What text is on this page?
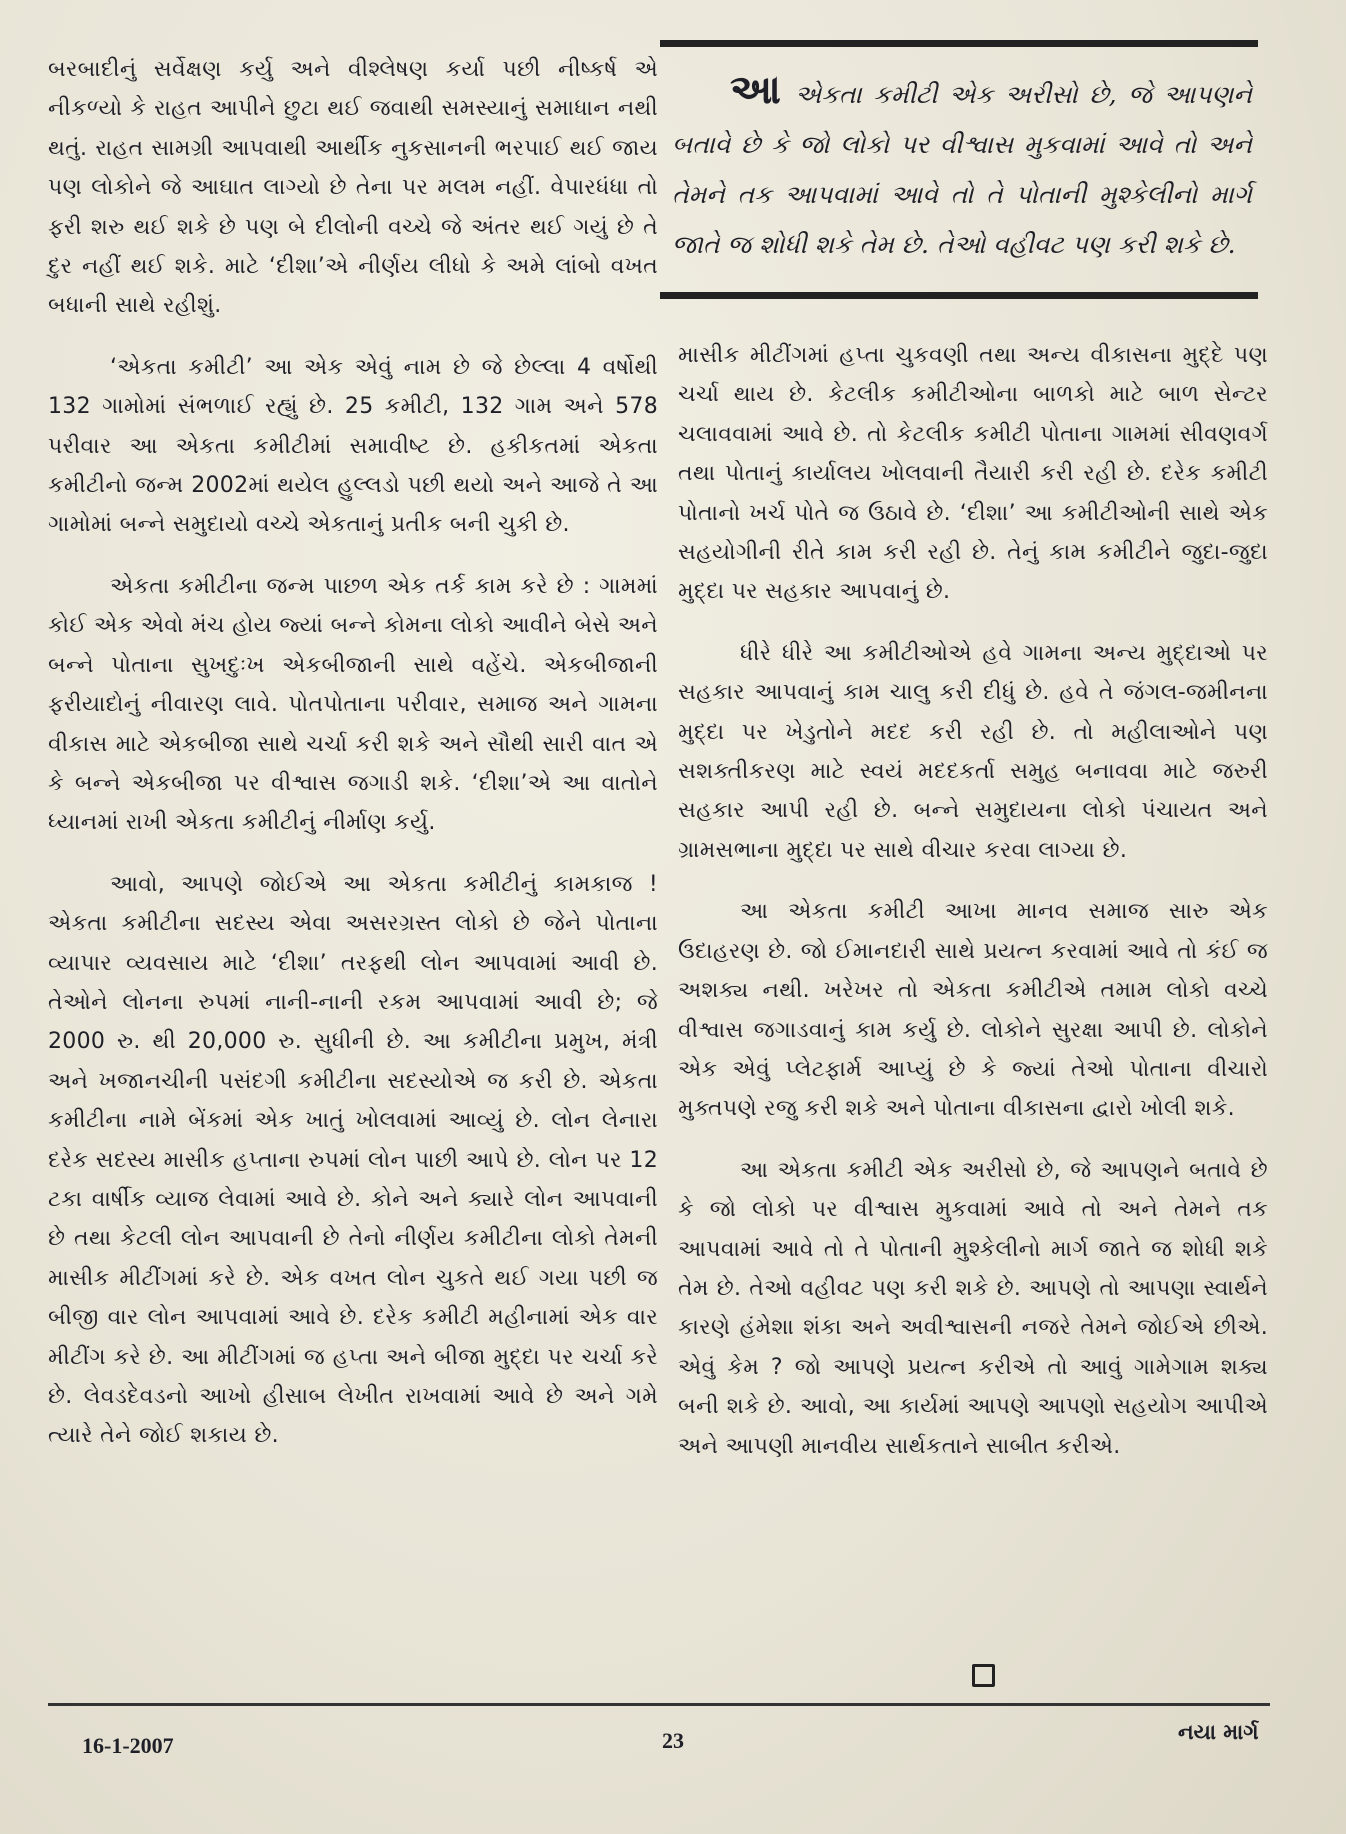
બરબાદીનું સર્વેક્ષણ કર્યુ અને વીશ્લેષણ કર્યા પછી નીષ્કર્ષ એ નીકળ્યો કે રાહત આપીને છુટા થઈ જવાથી સમસ્યાનું સમાધાન નથી થતું. રાહત સામગ્રી આપવાથી આર્થીક નુકસાનની ભરપાઈ થઈ જાય પણ લોકોને જે આઘાત લાગ્યો છે તેના પર મલમ નહીં. વેપારધંધા તો ફરી શરુ થઈ શકે છે પણ બે દીલોની વચ્ચે જે અંતર થઈ ગયું છે તે દુર નહીં થઈ શકે. માટે ‘દીશા’એ નીર્ણય લીધો કે અમે લાંબો વખત બધાની સાથે રહીશું.

‘એકતા કમીટી’ આ એક એવું નામ છે જે છેલ્લા 4 વર્ષોથી 132 ગામોમાં સંભળાઈ રહ્યું છે. 25 કમીટી, 132 ગામ અને 578 પરીવાર આ એકતા કમીટીમાં સમાવીષ્ટ છે. હકીકતમાં એકતા કમીટીનો જન્મ 2002માં થયેલ હુલ્લડો પછી થયો અને આજે તે આ ગામોમાં બન્ને સમુદાયો વચ્ચે એકતાનું પ્રતીક બની ચુકી છે.

એકતા કમીટીના જન્મ પાછળ એક તર્ક કામ કરે છે : ગામમાં કોઈ એક એવો મંચ હોય જ્યાં બન્ને કોમના લોકો આવીને બેસે અને બન્ને પોતાના સુખદુઃખ એકબીજાની સાથે વહેંચે. એકબીજાની ફરીયાદોનું નીવારણ લાવે. પોતપોતાના પરીવાર, સમાજ અને ગામના વીકાસ માટે એકબીજા સાથે ચર્ચા કરી શકે અને સૌથી સારી વાત એ કે બન્ને એકબીજા પર વીશ્વાસ જગાડી શકે. ‘દીશા’એ આ વાતોને ધ્યાનમાં રાખી એકતા કમીટીનું નીર્માણ કર્યુ.

આવો, આપણે જોઈએ આ એકતા કમીટીનું કામકાજ ! એકતા કમીટીના સદસ્ય એવા અસરગ્રસ્ત લોકો છે જેને પોતાના વ્યાપાર વ્યવસાય માટે ‘દીશા’ તરફથી લોન આપવામાં આવી છે. તેઓને લોનના રુપમાં નાની-નાની રકમ આપવામાં આવી છે; જે 2000 રુ. થી 20,000 રુ. સુધીની છે. આ કમીટીના પ્રમુખ, મંત્રી અને ખજાનચીની પસંદગી કમીટીના સદસ્યોએ જ કરી છે. એકતા કમીટીના નામે બેંકમાં એક ખાતું ખોલવામાં આવ્યું છે. લોન લેનારા દરેક સદસ્ય માસીક હપ્તાના રુપમાં લોન પાછી આપે છે. લોન પર 12 ટકા વાર્ષીક વ્યાજ લેવામાં આવે છે. કોને અને ક્યારે લોન આપવાની છે તથા કેટલી લોન આપવાની છે તેનો નીર્ણય કમીટીના લોકો તેમની માસીક મીટીંગમાં કરે છે. એક વખત લોન ચુકતે થઈ ગયા પછી જ બીજી વાર લોન આપવામાં આવે છે. દરેક કમીટી મહીનામાં એક વાર મીટીંગ કરે છે. આ મીટીંગમાં જ હપ્તા અને બીજા મુદ્દા પર ચર્ચા કરે છે. લેવડદેવડનો આખો હીસાબ લેખીત રાખવામાં આવે છે અને ગમે ત્યારે તેને જોઈ શકાય છે.

આએકતા કમીટી એક અરીસો છે, જે આપણને બતાવે છે કે જો લોકો પર વીશ્વાસ મુકવામાં આવે તો અને તેમને તક આપવામાં આવે તો તે પોતાની મુશ્કેલીનો માર્ગ જાતે જ શોધી શકે તેમ છે. તેઓ વહીવટ પણ કરી શકે છે.

માસીક મીટીંગમાં હપ્તા ચુકવણી તથા અન્ય વીકાસના મુદ્દે પણ ચર્ચા થાય છે. કેટલીક કમીટીઓના બાળકો માટે બાળ સેન્ટર ચલાવવામાં આવે છે. તો કેટલીક કમીટી પોતાના ગામમાં સીવણવર્ગ તથા પોતાનું કાર્યાલય ખોલવાની તૈયારી કરી રહી છે. દરેક કમીટી પોતાનો ખર્ચ પોતે જ ઉઠાવે છે. ‘દીશા’ આ કમીટીઓની સાથે એક સહયોગીની રીતે કામ કરી રહી છે. તેનું કામ કમીટીને જુદા-જુદા મુદ્દા પર સહકાર આપવાનું છે.

ધીરે ધીરે આ કમીટીઓએ હવે ગામના અન્ય મુદ્દાઓ પર સહકાર આપવાનું કામ ચાલુ કરી દીધું છે. હવે તે જંગલ-જમીનના મુદ્દા પર ખેડુતોને મદદ કરી રહી છે. તો મહીલાઓને પણ સશક્તીકરણ માટે સ્વયં મદદકર્તા સમુહ બનાવવા માટે જરુરી સહકાર આપી રહી છે. બન્ને સમુદાયના લોકો પંચાયત અને ગ્રામસભાના મુદ્દા પર સાથે વીચાર કરવા લાગ્યા છે.

આ એકતા કમીટી આખા માનવ સમાજ સારુ એક ઉદાહરણ છે. જો ઈમાનદારી સાથે પ્રયત્ન કરવામાં આવે તો કંઈ જ અશક્ય નથી. ખરેખર તો એકતા કમીટીએ તમામ લોકો વચ્ચે વીશ્વાસ જગાડવાનું કામ કર્યુ છે. લોકોને સુરક્ષા આપી છે. લોકોને એક એવું પ્લેટફાર્મ આપ્યું છે કે જ્યાં તેઓ પોતાના વીચારો મુક્તપણે રજુ કરી શકે અને પોતાના વીકાસના દ્વારો ખોલી શકે.

આ એકતા કમીટી એક અરીસો છે, જે આપણને બતાવે છે કે જો લોકો પર વીશ્વાસ મુકવામાં આવે તો અને તેમને તક આપવામાં આવે તો તે પોતાની મુશ્કેલીનો માર્ગ જાતે જ શોધી શકે તેમ છે. તેઓ વહીવટ પણ કરી શકે છે. આપણે તો આપણા સ્વાર્થને કારણે હંમેશા શંકા અને અવીશ્વાસની નજરે તેમને જોઈએ છીએ. એવું કેમ ? જો આપણે પ્રયત્ન કરીએ તો આવું ગામેગામ શક્ય બની શકે છે. આવો, આ કાર્યમાં આપણે આપણો સહયોગ આપીએ અને આપણી માનવીય સાર્થકતાને સાબીત કરીએ.

16-1-2007	23	નયા માર્ગ
